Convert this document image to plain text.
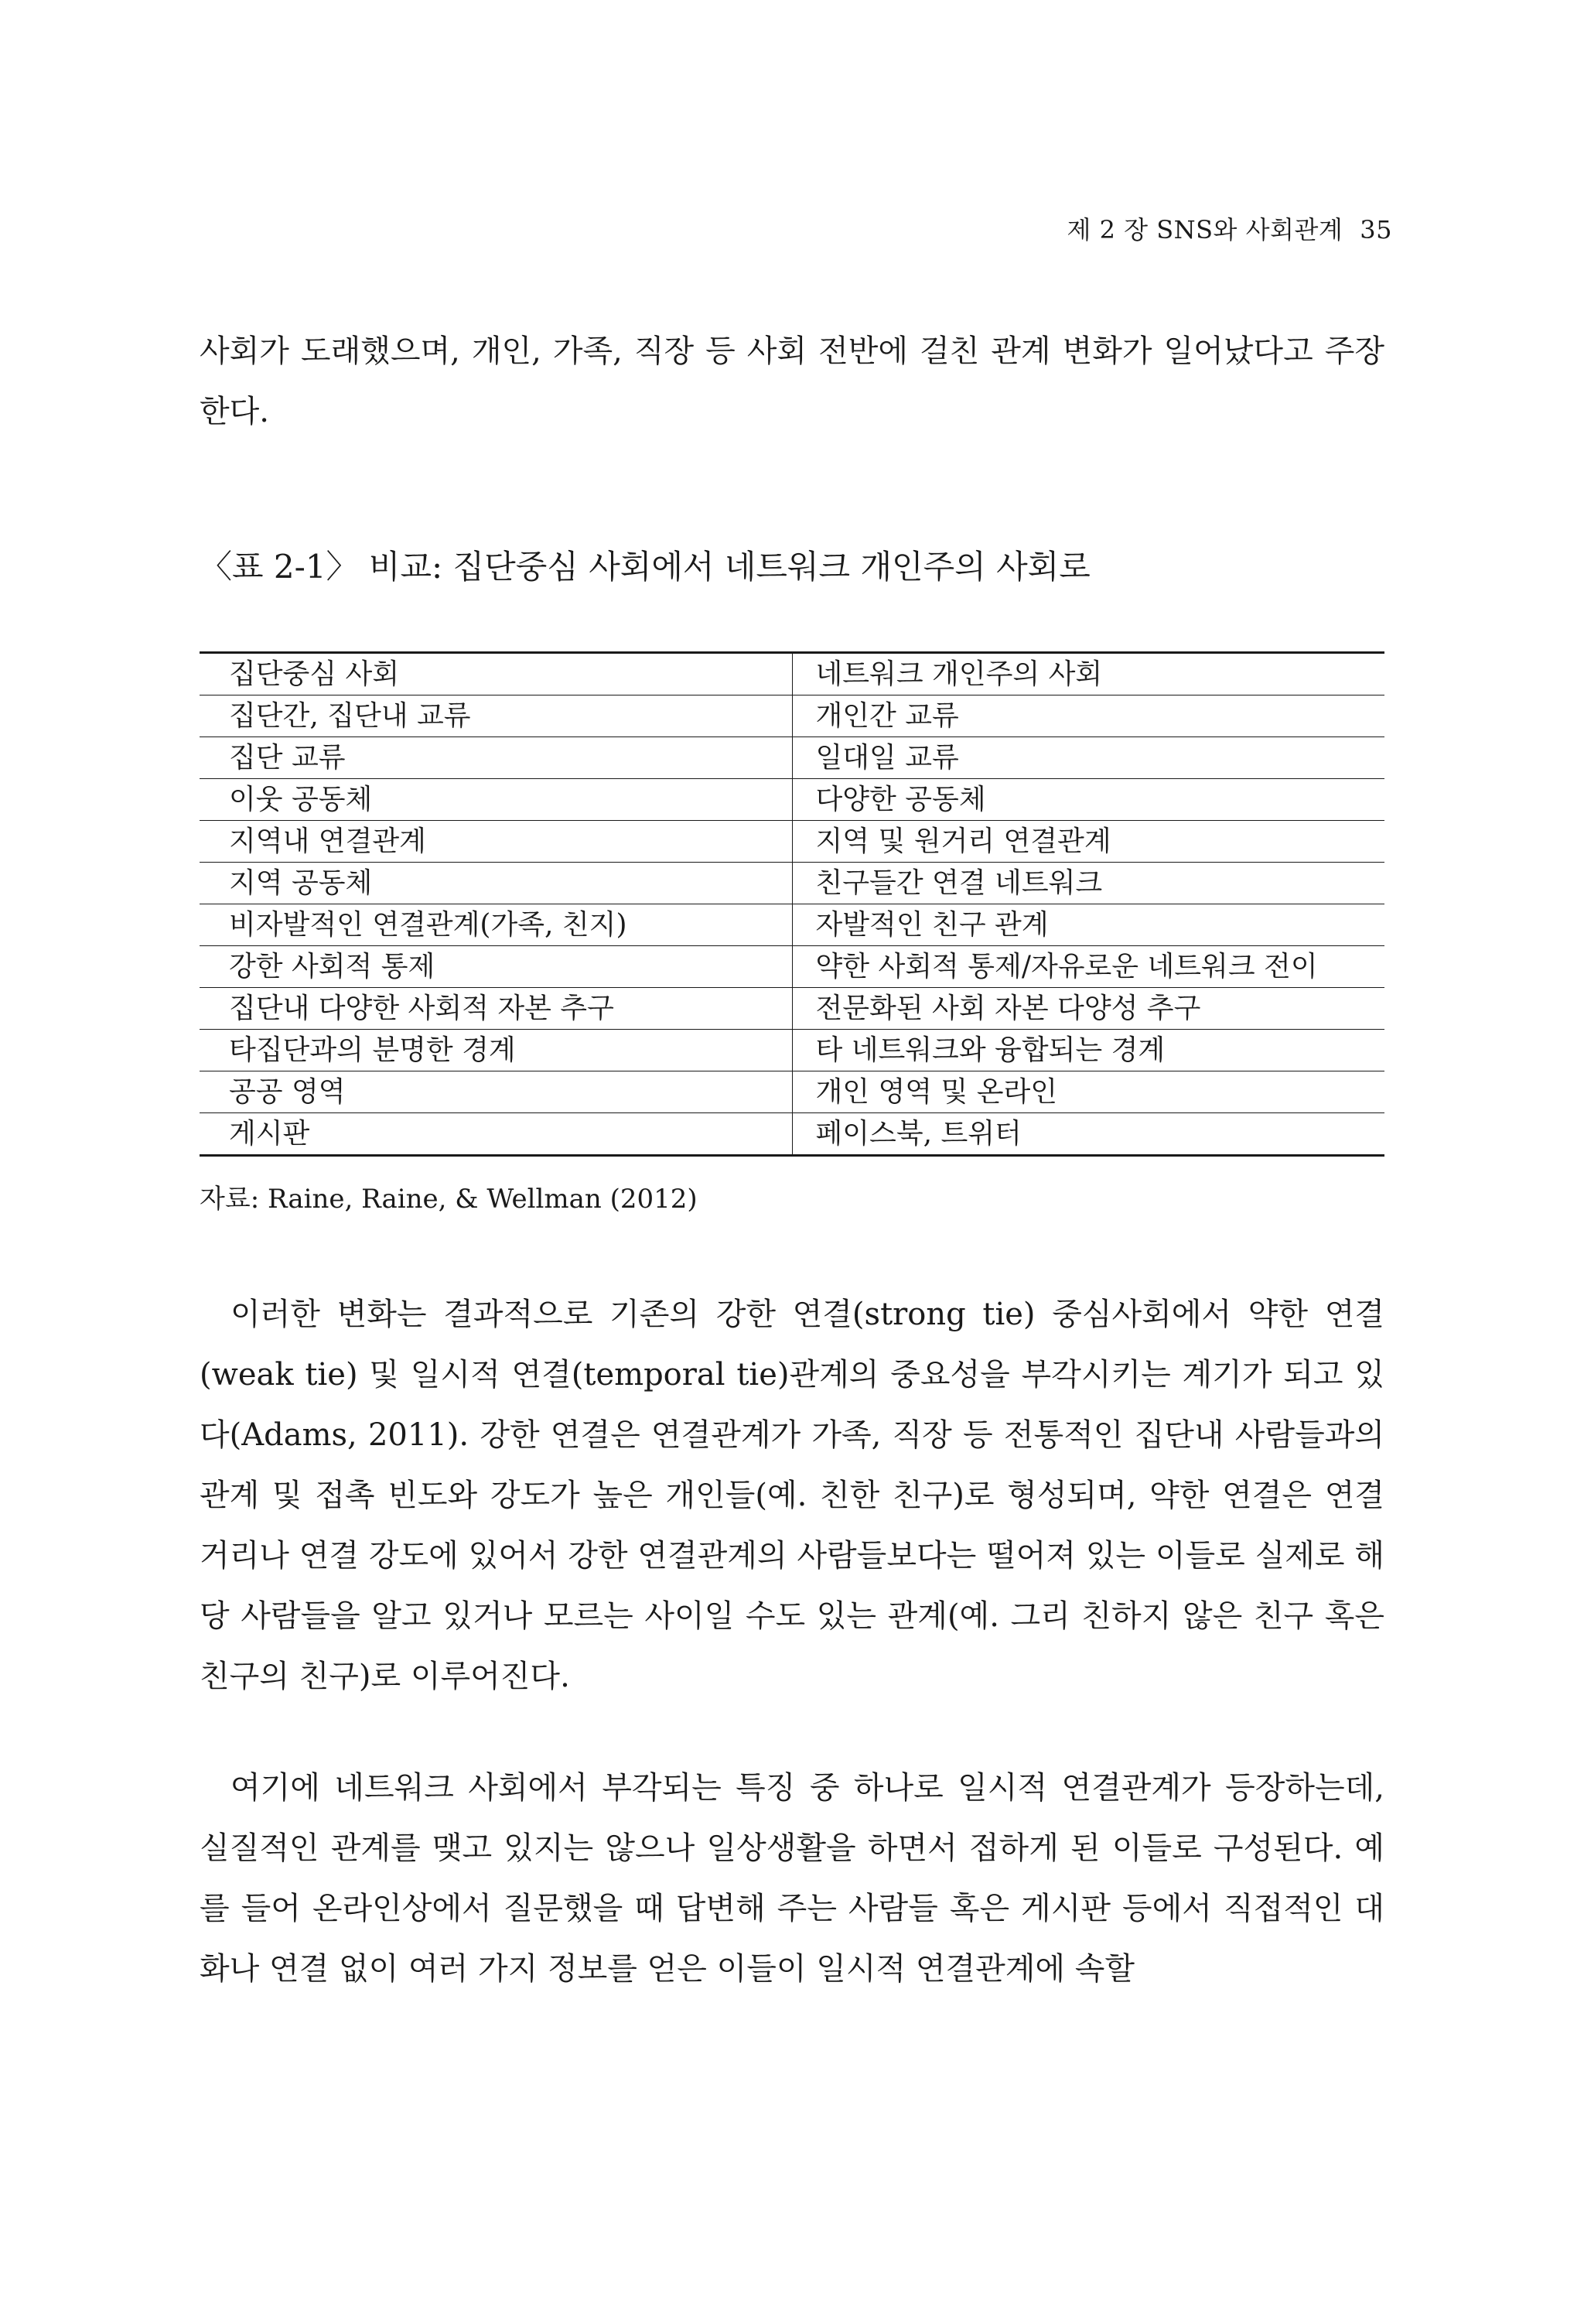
제 2 장 SNS와 사회관계 35

사회가 도래했으며, 개인, 가족, 직장 등 사회 전반에 걸친 관계 변화가 일어났다고 주장한다.

〈표 2-1〉 비교: 집단중심 사회에서 네트워크 개인주의 사회로
집단중심 사회	네트워크 개인주의 사회
집단간, 집단내 교류	개인간 교류
집단 교류	일대일 교류
이웃 공동체	다양한 공동체
지역내 연결관계	지역 및 원거리 연결관계
지역 공동체	친구들간 연결 네트워크
비자발적인 연결관계(가족, 친지)	자발적인 친구 관계
강한 사회적 통제	약한 사회적 통제/자유로운 네트워크 전이
집단내 다양한 사회적 자본 추구	전문화된 사회 자본 다양성 추구
타집단과의 분명한 경계	타 네트워크와 융합되는 경계
공공 영역	개인 영역 및 온라인
게시판	페이스북, 트위터
자료: Raine, Raine, & Wellman (2012)

이러한 변화는 결과적으로 기존의 강한 연결(strong tie) 중심사회에서 약한 연결(weak tie) 및 일시적 연결(temporal tie)관계의 중요성을 부각시키는 계기가 되고 있다(Adams, 2011). 강한 연결은 연결관계가 가족, 직장 등 전통적인 집단내 사람들과의 관계 및 접촉 빈도와 강도가 높은 개인들(예. 친한 친구)로 형성되며, 약한 연결은 연결 거리나 연결 강도에 있어서 강한 연결관계의 사람들보다는 떨어져 있는 이들로 실제로 해당 사람들을 알고 있거나 모르는 사이일 수도 있는 관계(예. 그리 친하지 않은 친구 혹은 친구의 친구)로 이루어진다.

여기에 네트워크 사회에서 부각되는 특징 중 하나로 일시적 연결관계가 등장하는데, 실질적인 관계를 맺고 있지는 않으나 일상생활을 하면서 접하게 된 이들로 구성된다. 예를 들어 온라인상에서 질문했을 때 답변해 주는 사람들 혹은 게시판 등에서 직접적인 대화나 연결 없이 여러 가지 정보를 얻은 이들이 일시적 연결관계에 속할
